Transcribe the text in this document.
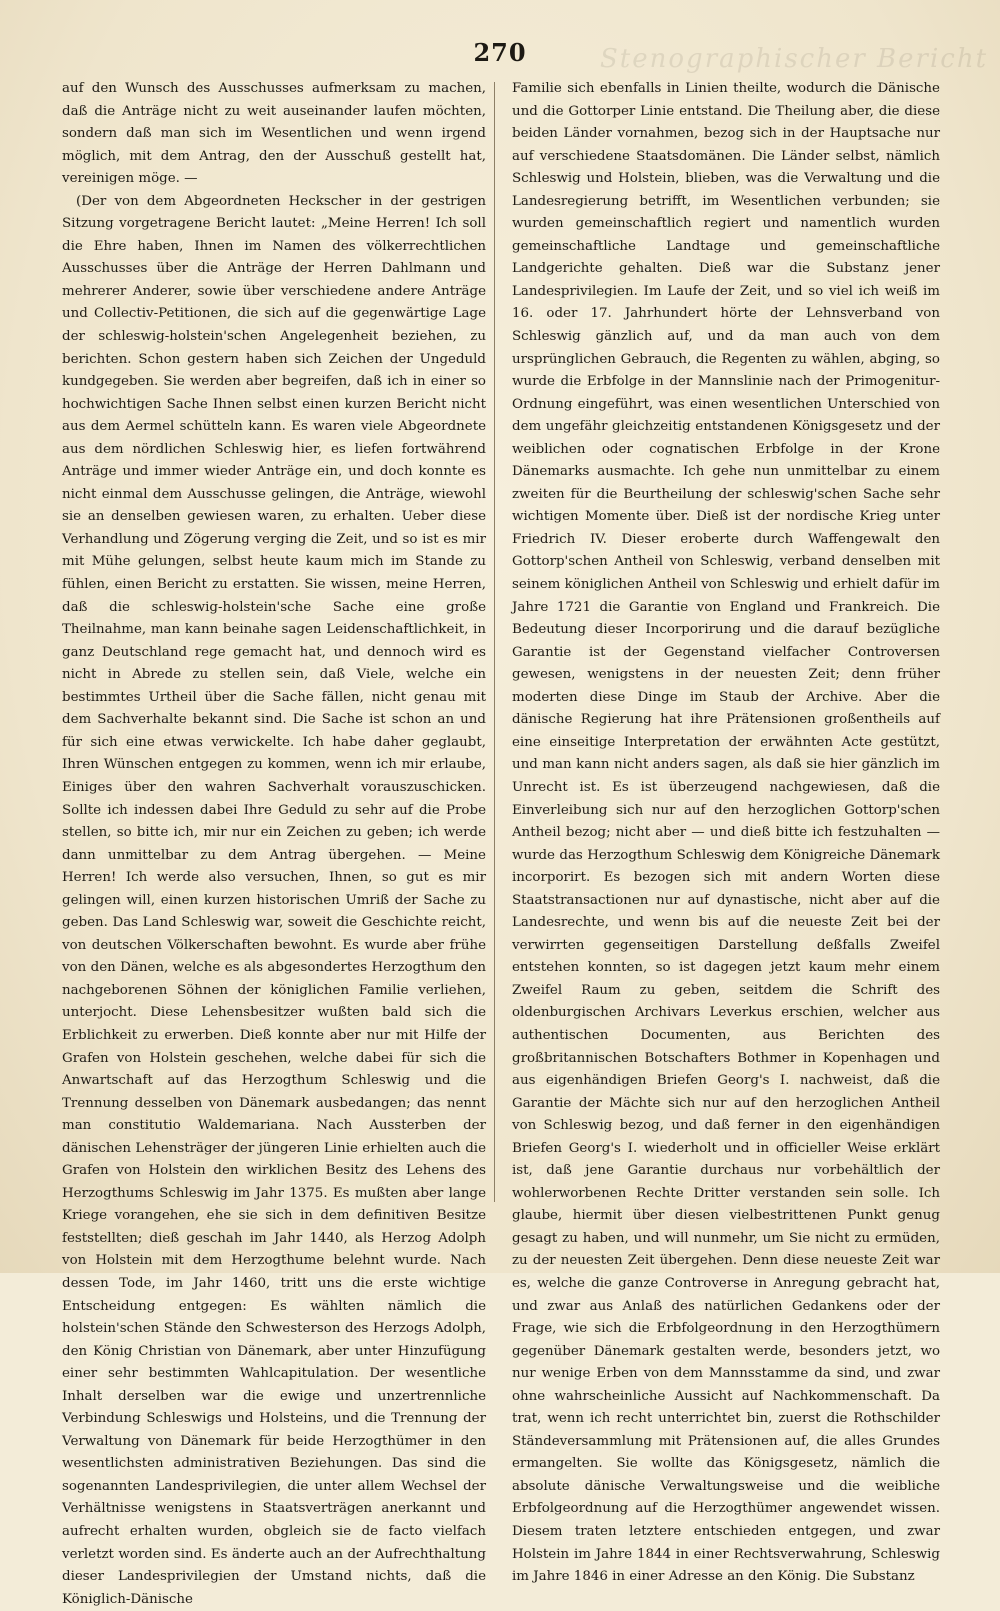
Stenographischer Bericht
270

auf den Wunsch des Ausschusses aufmerksam zu machen, daß die Anträge nicht zu weit auseinander laufen möchten, sondern daß man sich im Wesentlichen und wenn irgend möglich, mit dem Antrag, den der Ausschuß gestellt hat, vereinigen möge. —

(Der von dem Abgeordneten Heckscher in der gestrigen Sitzung vorgetragene Bericht lautet: „Meine Herren! Ich soll die Ehre haben, Ihnen im Namen des völkerrechtlichen Ausschusses über die Anträge der Herren Dahlmann und mehrerer Anderer, sowie über verschiedene andere Anträge und Collectiv-Petitionen, die sich auf die gegenwärtige Lage der schleswig-holstein'schen Angelegenheit beziehen, zu berichten. Schon gestern haben sich Zeichen der Ungeduld kundgegeben. Sie werden aber begreifen, daß ich in einer so hochwichtigen Sache Ihnen selbst einen kurzen Bericht nicht aus dem Aermel schütteln kann. Es waren viele Abgeordnete aus dem nördlichen Schleswig hier, es liefen fortwährend Anträge und immer wieder Anträge ein, und doch konnte es nicht einmal dem Ausschusse gelingen, die Anträge, wiewohl sie an denselben gewiesen waren, zu erhalten. Ueber diese Verhandlung und Zögerung verging die Zeit, und so ist es mir mit Mühe gelungen, selbst heute kaum mich im Stande zu fühlen, einen Bericht zu erstatten. Sie wissen, meine Herren, daß die schleswig-holstein'sche Sache eine große Theilnahme, man kann beinahe sagen Leidenschaftlichkeit, in ganz Deutschland rege gemacht hat, und dennoch wird es nicht in Abrede zu stellen sein, daß Viele, welche ein bestimmtes Urtheil über die Sache fällen, nicht genau mit dem Sachverhalte bekannt sind. Die Sache ist schon an und für sich eine etwas verwickelte. Ich habe daher geglaubt, Ihren Wünschen entgegen zu kommen, wenn ich mir erlaube, Einiges über den wahren Sachverhalt vorauszuschicken. Sollte ich indessen dabei Ihre Geduld zu sehr auf die Probe stellen, so bitte ich, mir nur ein Zeichen zu geben; ich werde dann unmittelbar zu dem Antrag übergehen. — Meine Herren! Ich werde also versuchen, Ihnen, so gut es mir gelingen will, einen kurzen historischen Umriß der Sache zu geben. Das Land Schleswig war, soweit die Geschichte reicht, von deutschen Völkerschaften bewohnt. Es wurde aber frühe von den Dänen, welche es als abgesondertes Herzogthum den nachgeborenen Söhnen der königlichen Familie verliehen, unterjocht. Diese Lehensbesitzer wußten bald sich die Erblichkeit zu erwerben. Dieß konnte aber nur mit Hilfe der Grafen von Holstein geschehen, welche dabei für sich die Anwartschaft auf das Herzogthum Schleswig und die Trennung desselben von Dänemark ausbedangen; das nennt man constitutio Waldemariana. Nach Aussterben der dänischen Lehensträger der jüngeren Linie erhielten auch die Grafen von Holstein den wirklichen Besitz des Lehens des Herzogthums Schleswig im Jahr 1375. Es mußten aber lange Kriege vorangehen, ehe sie sich in dem definitiven Besitze feststellten; dieß geschah im Jahr 1440, als Herzog Adolph von Holstein mit dem Herzogthume belehnt wurde. Nach dessen Tode, im Jahr 1460, tritt uns die erste wichtige Entscheidung entgegen: Es wählten nämlich die holstein'schen Stände den Schwesterson des Herzogs Adolph, den König Christian von Dänemark, aber unter Hinzufügung einer sehr bestimmten Wahlcapitulation. Der wesentliche Inhalt derselben war die ewige und unzertrennliche Verbindung Schleswigs und Holsteins, und die Trennung der Verwaltung von Dänemark für beide Herzogthümer in den wesentlichsten administrativen Beziehungen. Das sind die sogenannten Landesprivilegien, die unter allem Wechsel der Verhältnisse wenigstens in Staatsverträgen anerkannt und aufrecht erhalten wurden, obgleich sie de facto vielfach verletzt worden sind. Es änderte auch an der Aufrechthaltung dieser Landesprivilegien der Umstand nichts, daß die Königlich-Dänische

Familie sich ebenfalls in Linien theilte, wodurch die Dänische und die Gottorper Linie entstand. Die Theilung aber, die diese beiden Länder vornahmen, bezog sich in der Hauptsache nur auf verschiedene Staatsdomänen. Die Länder selbst, nämlich Schleswig und Holstein, blieben, was die Verwaltung und die Landesregierung betrifft, im Wesentlichen verbunden; sie wurden gemeinschaftlich regiert und namentlich wurden gemeinschaftliche Landtage und gemeinschaftliche Landgerichte gehalten. Dieß war die Substanz jener Landesprivilegien. Im Laufe der Zeit, und so viel ich weiß im 16. oder 17. Jahrhundert hörte der Lehnsverband von Schleswig gänzlich auf, und da man auch von dem ursprünglichen Gebrauch, die Regenten zu wählen, abging, so wurde die Erbfolge in der Mannslinie nach der Primogenitur-Ordnung eingeführt, was einen wesentlichen Unterschied von dem ungefähr gleichzeitig entstandenen Königsgesetz und der weiblichen oder cognatischen Erbfolge in der Krone Dänemarks ausmachte. Ich gehe nun unmittelbar zu einem zweiten für die Beurtheilung der schleswig'schen Sache sehr wichtigen Momente über. Dieß ist der nordische Krieg unter Friedrich IV. Dieser eroberte durch Waffengewalt den Gottorp'schen Antheil von Schleswig, verband denselben mit seinem königlichen Antheil von Schleswig und erhielt dafür im Jahre 1721 die Garantie von England und Frankreich. Die Bedeutung dieser Incorporirung und die darauf bezügliche Garantie ist der Gegenstand vielfacher Controversen gewesen, wenigstens in der neuesten Zeit; denn früher moderten diese Dinge im Staub der Archive. Aber die dänische Regierung hat ihre Prätensionen großentheils auf eine einseitige Interpretation der erwähnten Acte gestützt, und man kann nicht anders sagen, als daß sie hier gänzlich im Unrecht ist. Es ist überzeugend nachgewiesen, daß die Einverleibung sich nur auf den herzoglichen Gottorp'schen Antheil bezog; nicht aber — und dieß bitte ich festzuhalten — wurde das Herzogthum Schleswig dem Königreiche Dänemark incorporirt. Es bezogen sich mit andern Worten diese Staatstransactionen nur auf dynastische, nicht aber auf die Landesrechte, und wenn bis auf die neueste Zeit bei der verwirrten gegenseitigen Darstellung deßfalls Zweifel entstehen konnten, so ist dagegen jetzt kaum mehr einem Zweifel Raum zu geben, seitdem die Schrift des oldenburgischen Archivars Leverkus erschien, welcher aus authentischen Documenten, aus Berichten des großbritannischen Botschafters Bothmer in Kopenhagen und aus eigenhändigen Briefen Georg's I. nachweist, daß die Garantie der Mächte sich nur auf den herzoglichen Antheil von Schleswig bezog, und daß ferner in den eigenhändigen Briefen Georg's I. wiederholt und in officieller Weise erklärt ist, daß jene Garantie durchaus nur vorbehältlich der wohlerworbenen Rechte Dritter verstanden sein solle. Ich glaube, hiermit über diesen vielbestrittenen Punkt genug gesagt zu haben, und will nunmehr, um Sie nicht zu ermüden, zu der neuesten Zeit übergehen. Denn diese neueste Zeit war es, welche die ganze Controverse in Anregung gebracht hat, und zwar aus Anlaß des natürlichen Gedankens oder der Frage, wie sich die Erbfolgeordnung in den Herzogthümern gegenüber Dänemark gestalten werde, besonders jetzt, wo nur wenige Erben von dem Mannsstamme da sind, und zwar ohne wahrscheinliche Aussicht auf Nachkommenschaft. Da trat, wenn ich recht unterrichtet bin, zuerst die Rothschilder Ständeversammlung mit Prätensionen auf, die alles Grundes ermangelten. Sie wollte das Königsgesetz, nämlich die absolute dänische Verwaltungsweise und die weibliche Erbfolgeordnung auf die Herzogthümer angewendet wissen. Diesem traten letztere entschieden entgegen, und zwar Holstein im Jahre 1844 in einer Rechtsverwahrung, Schleswig im Jahre 1846 in einer Adresse an den König. Die Substanz
